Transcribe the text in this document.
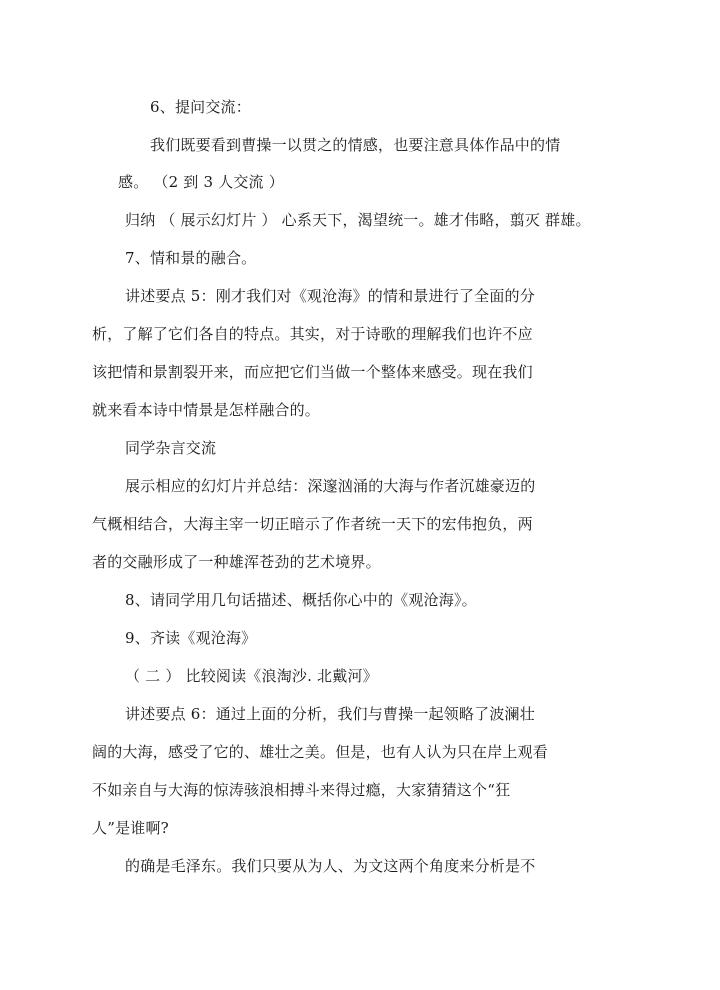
6、提问交流：
我们既要看到曹操一以贯之的情感，也要注意具体作品中的情
感。 （2 到 3 人交流 ）
归纳 （ 展示幻灯片 ） 心系天下，渴望统一。雄才伟略，翦灭 群雄。
7、情和景的融合。
讲述要点 5：刚才我们对《观沧海》的情和景进行了全面的分
析，了解了它们各自的特点。其实，对于诗歌的理解我们也许不应
该把情和景割裂开来，而应把它们当做一个整体来感受。现在我们
就来看本诗中情景是怎样融合的。
同学杂言交流
展示相应的幻灯片并总结：深邃汹涌的大海与作者沉雄豪迈的
气概相结合，大海主宰一切正暗示了作者统一天下的宏伟抱负，两
者的交融形成了一种雄浑苍劲的艺术境界。
8、请同学用几句话描述、概括你心中的《观沧海》。
9、齐读《观沧海》
（ 二 ） 比较阅读《浪淘沙. 北戴河》
讲述要点 6：通过上面的分析，我们与曹操一起领略了波澜壮
阔的大海，感受了它的、雄壮之美。但是，也有人认为只在岸上观看
不如亲自与大海的惊涛骇浪相搏斗来得过瘾，大家猜猜这个“狂
人”是谁啊?
的确是毛泽东。我们只要从为人、为文这两个角度来分析是不
